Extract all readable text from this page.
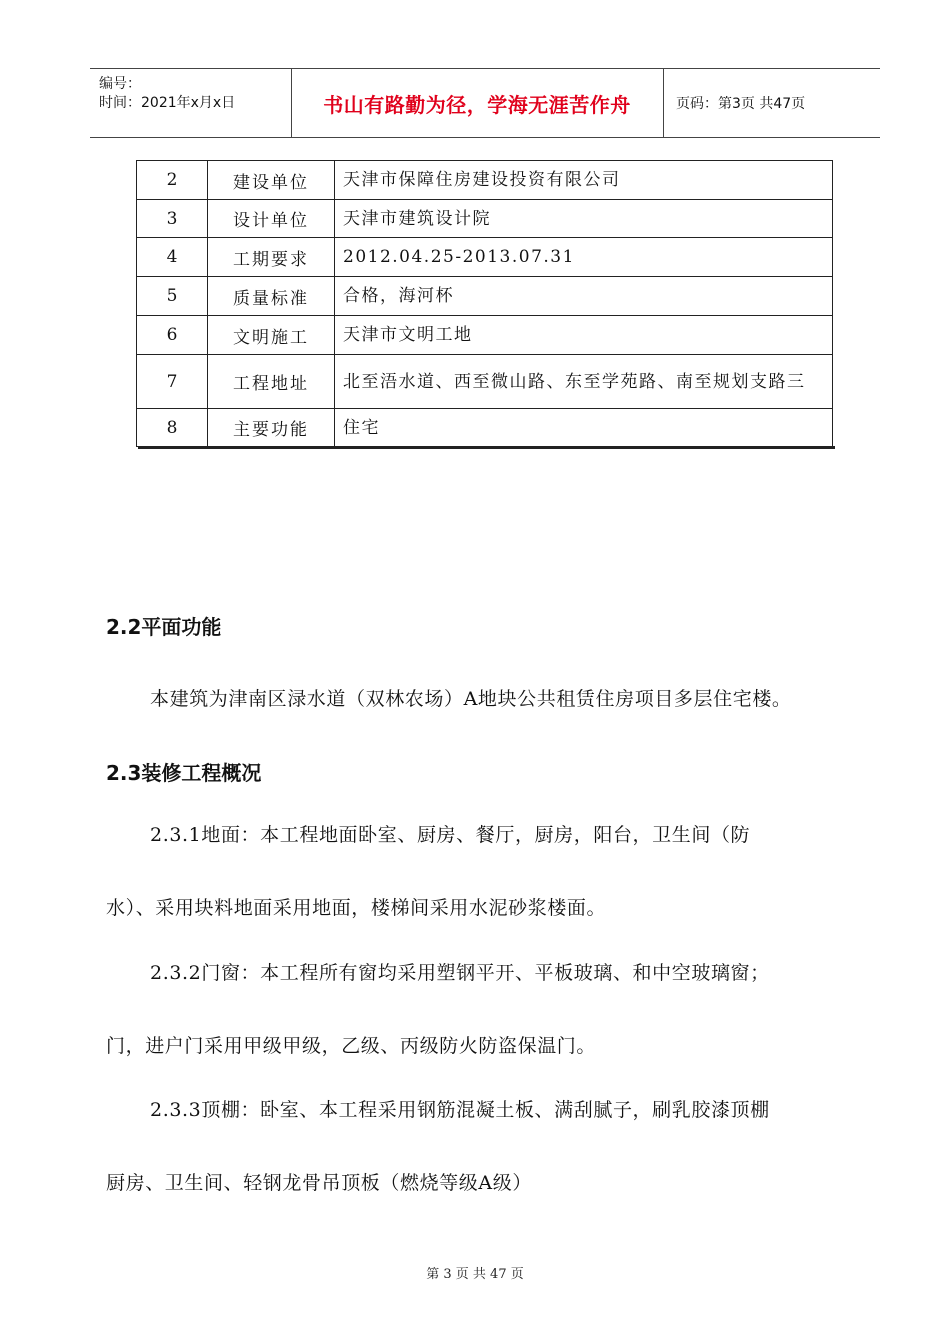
编号：
时间：2021年x月x日	书山有路勤为径，学海无涯苦作舟	页码：第3页 共47页
2	建设单位	天津市保障住房建设投资有限公司
3	设计单位	天津市建筑设计院
4	工期要求	2012.04.25-2013.07.31
5	质量标准	合格，海河杯
6	文明施工	天津市文明工地
7	工程地址	北至浯水道、西至微山路、东至学苑路、南至规划支路三
8	主要功能	住宅
2.2平面功能
本建筑为津南区渌水道（双林农场）A地块公共租赁住房项目多层住宅楼。
2.3装修工程概况
2.3.1地面：本工程地面卧室、厨房、餐厅，厨房，阳台，卫生间（防
水）、采用块料地面采用地面，楼梯间采用水泥砂浆楼面。
2.3.2门窗：本工程所有窗均采用塑钢平开、平板玻璃、和中空玻璃窗；
门，进户门采用甲级甲级，乙级、丙级防火防盗保温门。
2.3.3顶棚：卧室、本工程采用钢筋混凝土板、满刮腻子，刷乳胶漆顶棚
厨房、卫生间、轻钢龙骨吊顶板（燃烧等级A级）
第 3 页 共 47 页
